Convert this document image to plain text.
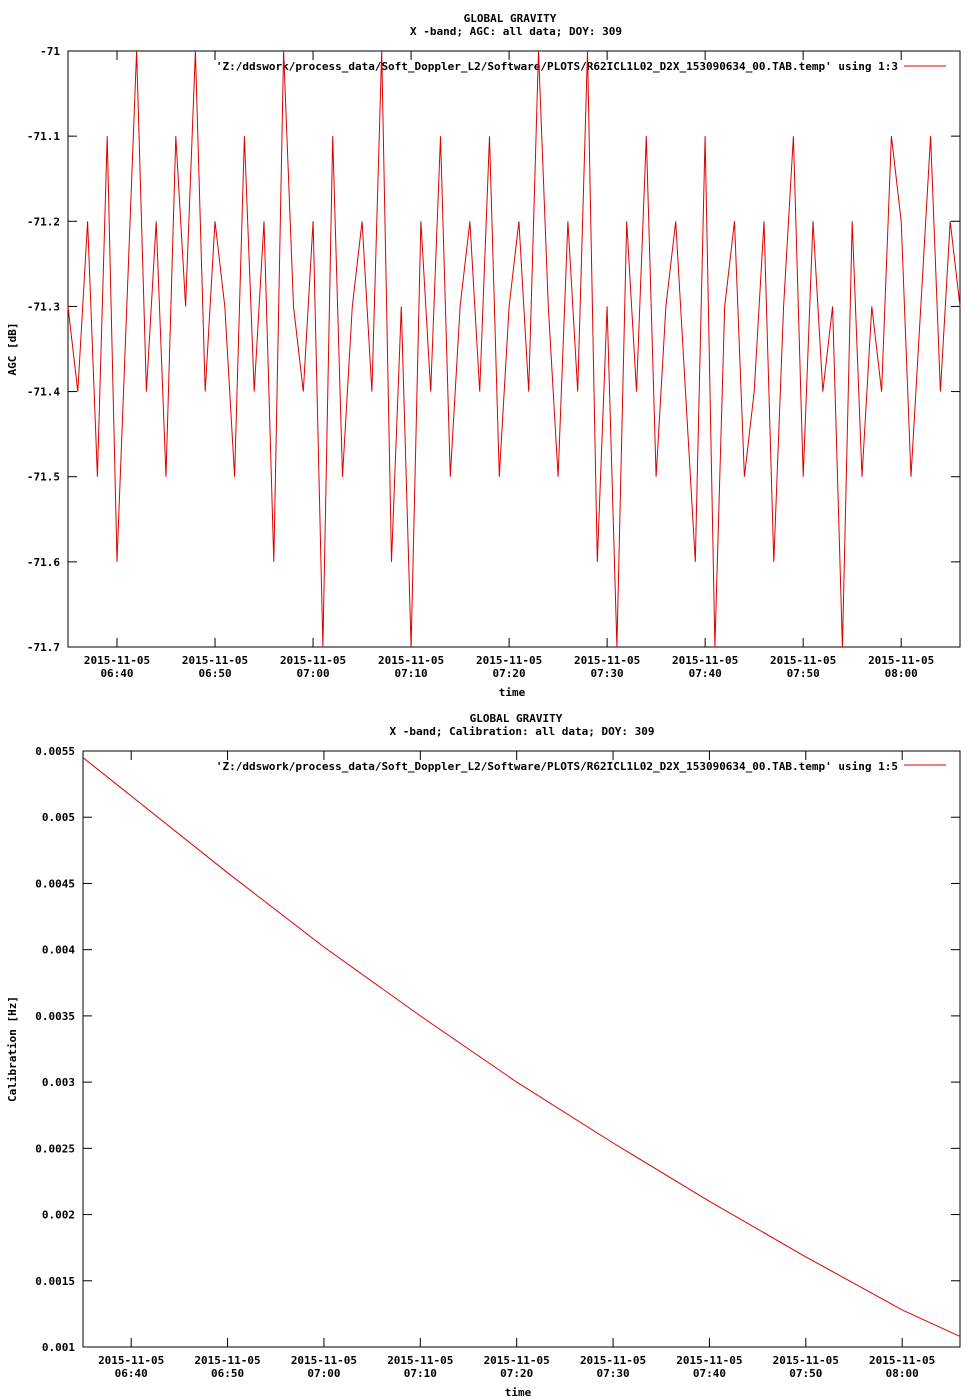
GLOBAL GRAVITY
X -band; AGC: all data; DOY: 309
'Z:/ddswork/process_data/Soft_Doppler_L2/Software/PLOTS/R62ICL1L02_D2X_153090634_00.TAB.temp' using 1:3
AGC [dB]
time
-71
-71.1
-71.2
-71.3
-71.4
-71.5
-71.6
-71.7
2015-11-05
06:40
2015-11-05
06:50
2015-11-05
07:00
2015-11-05
07:10
2015-11-05
07:20
2015-11-05
07:30
2015-11-05
07:40
2015-11-05
07:50
2015-11-05
08:00
GLOBAL GRAVITY
X -band; Calibration: all data; DOY: 309
'Z:/ddswork/process_data/Soft_Doppler_L2/Software/PLOTS/R62ICL1L02_D2X_153090634_00.TAB.temp' using 1:5
Calibration [Hz]
time
0.0055
0.005
0.0045
0.004
0.0035
0.003
0.0025
0.002
0.0015
0.001
2015-11-05
06:40
2015-11-05
06:50
2015-11-05
07:00
2015-11-05
07:10
2015-11-05
07:20
2015-11-05
07:30
2015-11-05
07:40
2015-11-05
07:50
2015-11-05
08:00
